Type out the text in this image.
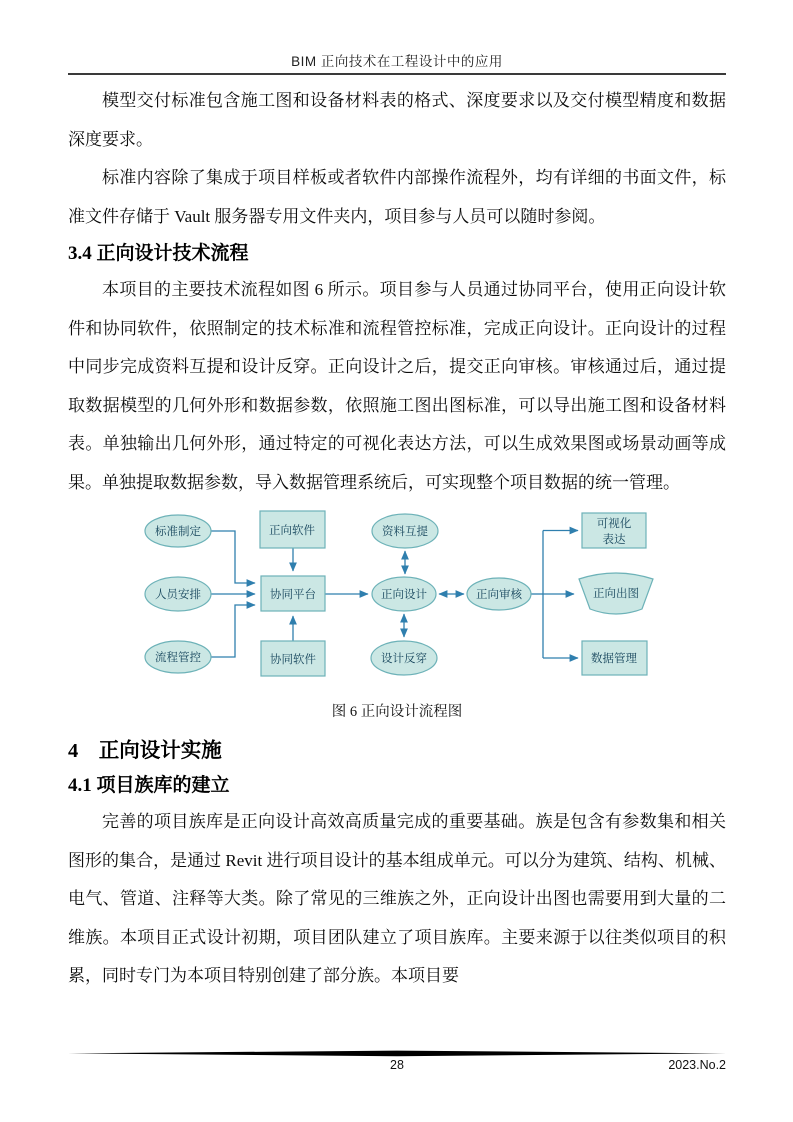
BIM 正向技术在工程设计中的应用

模型交付标准包含施工图和设备材料表的格式、深度要求以及交付模型精度和数据深度要求。

标准内容除了集成于项目样板或者软件内部操作流程外，均有详细的书面文件，标准文件存储于 Vault 服务器专用文件夹内，项目参与人员可以随时参阅。

3.4 正向设计技术流程

本项目的主要技术流程如图 6 所示。项目参与人员通过协同平台，使用正向设计软件和协同软件，依照制定的技术标准和流程管控标准，完成正向设计。正向设计的过程中同步完成资料互提和设计反穿。正向设计之后，提交正向审核。审核通过后，通过提取数据模型的几何外形和数据参数，依照施工图出图标准，可以导出施工图和设备材料表。单独输出几何外形，通过特定的可视化表达方法，可以生成效果图或场景动画等成果。单独提取数据参数，导入数据管理系统后，可实现整个项目数据的统一管理。

标准制定
人员安排
流程管控
正向软件
协同平台
协同软件
资料互提
正向设计
设计反穿
正向审核
可视化
表达
正向出图
数据管理
图 6 正向设计流程图
4　正向设计实施
4.1 项目族库的建立

完善的项目族库是正向设计高效高质量完成的重要基础。族是包含有参数集和相关图形的集合，是通过 Revit 进行项目设计的基本组成单元。可以分为建筑、结构、机械、电气、管道、注释等大类。除了常见的三维族之外，正向设计出图也需要用到大量的二维族。本项目正式设计初期，项目团队建立了项目族库。主要来源于以往类似项目的积累，同时专门为本项目特别创建了部分族。本项目要

28	2023.No.2
